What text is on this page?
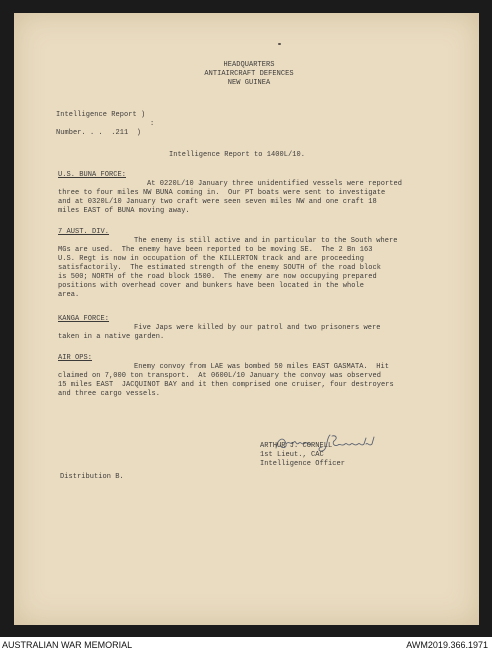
HEADQUARTERS
ANTIAIRCRAFT DEFENCES
NEW GUINEA
Intelligence Report )
:
Number. . .  .211  )
Intelligence Report to 1400L/10.
U.S. BUNA FORCE:
At 0220L/10 January three unidentified vessels were reported
three to four miles NW BUNA coming in.  Our PT boats were sent to investigate
and at 0320L/10 January two craft were seen seven miles NW and one craft 18
miles EAST of BUNA moving away.
7 AUST. DIV.
The enemy is still active and in particular to the South where
MGs are used.  The enemy have been reported to be moving SE.  The 2 Bn 163
U.S. Regt is now in occupation of the KILLERTON track and are proceeding
satisfactorily.  The estimated strength of the enemy SOUTH of the road block
is 500; NORTH of the road block 1500.  The enemy are now occupying prepared
positions with overhead cover and bunkers have been located in the whole
area.
KANGA FORCE:
Five Japs were killed by our patrol and two prisoners were
taken in a native garden.
AIR OPS:
Enemy convoy from LAE was bombed 50 miles EAST GASMATA.  Hit
claimed on 7,000 ton transport.  At 0600L/10 January the convoy was observed
15 miles EAST  JACQUINOT BAY and it then comprised one cruiser, four destroyers
and three cargo vessels.
ARTHUR J. CORNELL
1st Lieut., CAC
Intelligence Officer
Distribution B.
AUSTRALIAN WAR MEMORIAL	AWM2019.366.1971
